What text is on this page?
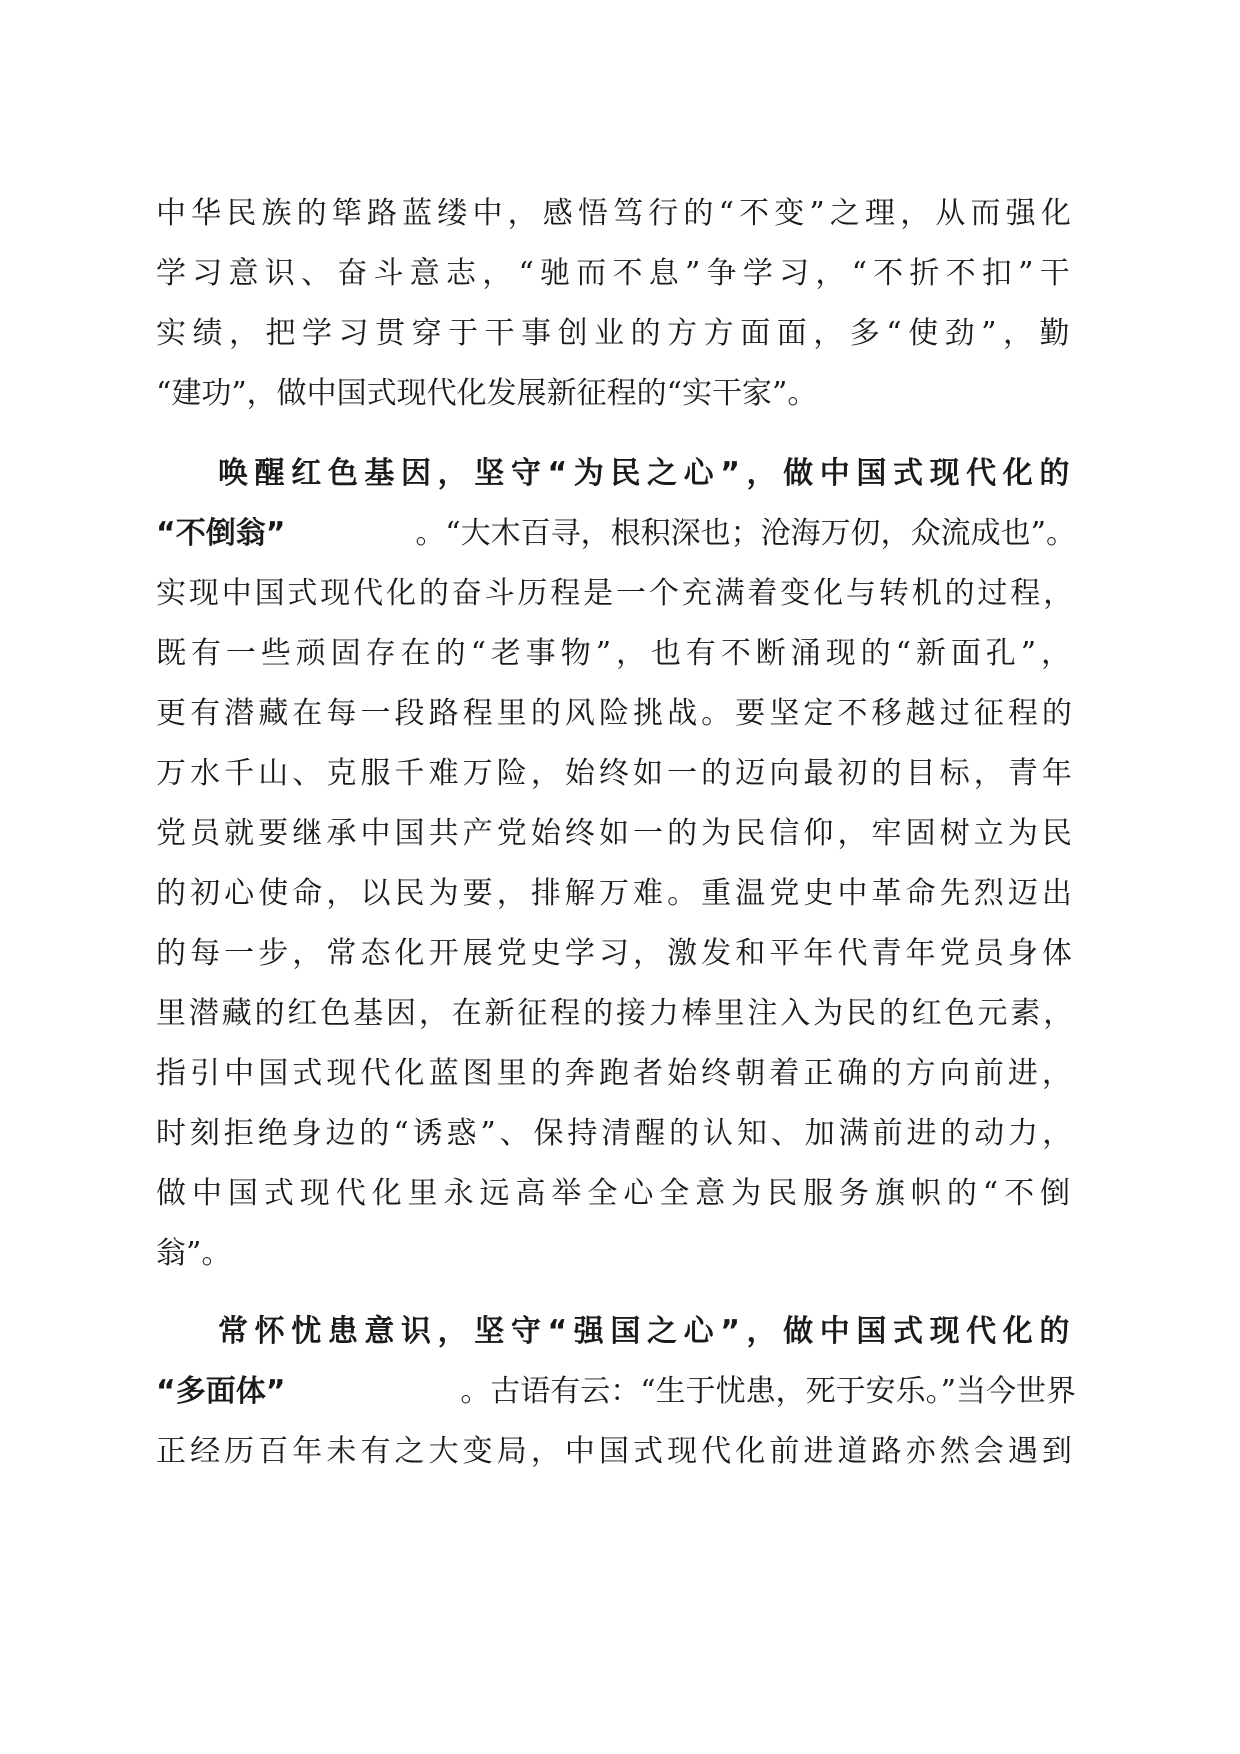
中华民族的筚路蓝缕中，感悟笃行的“不变”之理，从而强化
学习意识、奋斗意志，“驰而不息”争学习，“不折不扣”干
实绩，把学习贯穿于干事创业的方方面面，多“使劲”，勤
“建功”，做中国式现代化发展新征程的“实干家”。
唤醒红色基因，坚守“为民之心”，做中国式现代化的
“不倒翁”	。“大木百寻，根积深也；沧海万仞，众流成也”。
实现中国式现代化的奋斗历程是一个充满着变化与转机的过程，
既有一些顽固存在的“老事物”，也有不断涌现的“新面孔”，
更有潜藏在每一段路程里的风险挑战。要坚定不移越过征程的
万水千山、克服千难万险，始终如一的迈向最初的目标，青年
党员就要继承中国共产党始终如一的为民信仰，牢固树立为民
的初心使命，以民为要，排解万难。重温党史中革命先烈迈出
的每一步，常态化开展党史学习，激发和平年代青年党员身体
里潜藏的红色基因，在新征程的接力棒里注入为民的红色元素，
指引中国式现代化蓝图里的奔跑者始终朝着正确的方向前进，
时刻拒绝身边的“诱惑”、保持清醒的认知、加满前进的动力，
做中国式现代化里永远高举全心全意为民服务旗帜的“不倒
翁”。
常怀忧患意识，坚守“强国之心”，做中国式现代化的
“多面体”	。古语有云：“生于忧患，死于安乐。”当今世界
正经历百年未有之大变局，中国式现代化前进道路亦然会遇到
